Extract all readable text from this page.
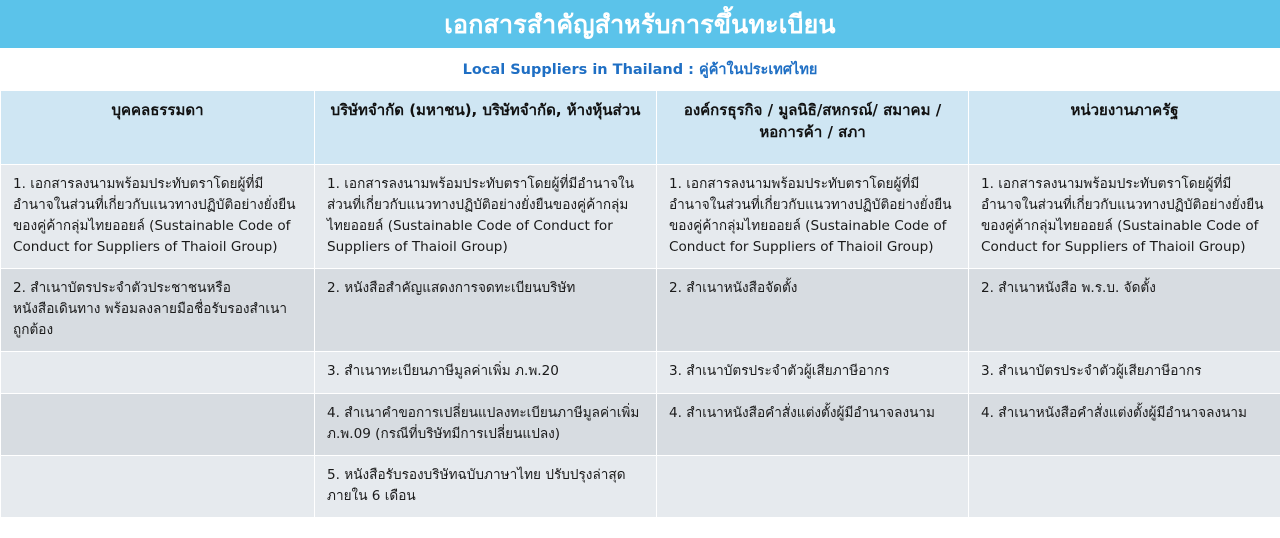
เอกสารสำคัญสำหรับการขึ้นทะเบียน
Local Suppliers in Thailand : คู่ค้าในประเทศไทย
บุคคลธรรมดา	บริษัทจำกัด (มหาชน), บริษัทจำกัด, ห้างหุ้นส่วน	องค์กรธุรกิจ / มูลนิธิ/สหกรณ์/ สมาคม /หอการค้า / สภา	หน่วยงานภาครัฐ
1. เอกสารลงนามพร้อมประทับตราโดยผู้ที่มีอำนาจในส่วนที่เกี่ยวกับแนวทางปฏิบัติอย่างยั่งยืนของคู่ค้ากลุ่มไทยออยล์ (Sustainable Code of Conduct for Suppliers of Thaioil Group)	1. เอกสารลงนามพร้อมประทับตราโดยผู้ที่มีอำนาจในส่วนที่เกี่ยวกับแนวทางปฏิบัติอย่างยั่งยืนของคู่ค้ากลุ่มไทยออยล์ (Sustainable Code of Conduct for Suppliers of Thaioil Group)	1. เอกสารลงนามพร้อมประทับตราโดยผู้ที่มีอำนาจในส่วนที่เกี่ยวกับแนวทางปฏิบัติอย่างยั่งยืนของคู่ค้ากลุ่มไทยออยล์ (Sustainable Code of Conduct for Suppliers of Thaioil Group)	1. เอกสารลงนามพร้อมประทับตราโดยผู้ที่มีอำนาจในส่วนที่เกี่ยวกับแนวทางปฏิบัติอย่างยั่งยืนของคู่ค้ากลุ่มไทยออยล์ (Sustainable Code of Conduct for Suppliers of Thaioil Group)
2. สำเนาบัตรประจำตัวประชาชนหรือหนังสือเดินทาง พร้อมลงลายมือชื่อรับรองสำเนาถูกต้อง	2. หนังสือสำคัญแสดงการจดทะเบียนบริษัท	2. สำเนาหนังสือจัดตั้ง	2. สำเนาหนังสือ พ.ร.บ. จัดตั้ง
	3. สำเนาทะเบียนภาษีมูลค่าเพิ่ม ภ.พ.20	3. สำเนาบัตรประจำตัวผู้เสียภาษีอากร	3. สำเนาบัตรประจำตัวผู้เสียภาษีอากร
	4. สำเนาคำขอการเปลี่ยนแปลงทะเบียนภาษีมูลค่าเพิ่ม ภ.พ.09 (กรณีที่บริษัทมีการเปลี่ยนแปลง)	4. สำเนาหนังสือคำสั่งแต่งตั้งผู้มีอำนาจลงนาม	4. สำเนาหนังสือคำสั่งแต่งตั้งผู้มีอำนาจลงนาม
	5. หนังสือรับรองบริษัทฉบับภาษาไทย ปรับปรุงล่าสุดภายใน 6 เดือน		
